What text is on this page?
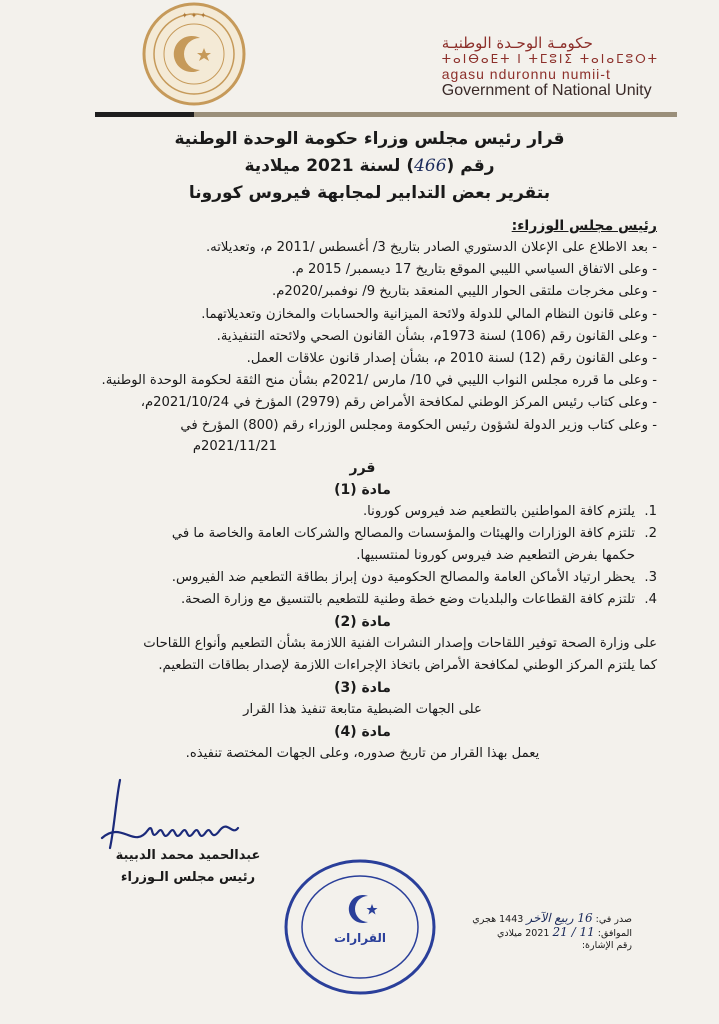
✦ ✦ ✦
حكومـة الوحـدة الوطنيـة
ⵜⴰⵏⴱⴰⴹⵜ ⵏ ⵜⵎⵓⵏⵉ ⵜⴰⵏⴰⵎⵓⵔⵜ
agasu nduronnu numii-t
Government of National Unity
قرار رئيس مجلس وزراء حكومة الوحدة الوطنية
رقم (466) لسنة 2021 ميلادية
بتقرير بعض التدابير لمجابهة فيروس كورونا
رئيس مجلس الوزراء:
- بعد الاطلاع على الإعلان الدستوري الصادر بتاريخ 3/ أغسطس /2011 م، وتعديلاته.
- وعلى الاتفاق السياسي الليبي الموقع بتاريخ 17 ديسمبر/ 2015 م.
- وعلى مخرجات ملتقى الحوار الليبي المنعقد بتاريخ 9/ نوفمبر/2020م.
- وعلى قانون النظام المالي للدولة ولائحة الميزانية والحسابات والمخازن وتعديلاتهما.
- وعلى القانون رقم (106) لسنة 1973م، بشأن القانون الصحي ولائحته التنفيذية.
- وعلى القانون رقم (12) لسنة 2010 م، بشأن إصدار قانون علاقات العمل.
- وعلى ما قرره مجلس النواب الليبي في 10/ مارس /2021م بشأن منح الثقة لحكومة الوحدة الوطنية.
- وعلى كتاب رئيس المركز الوطني لمكافحة الأمراض رقم (2979) المؤرخ في 2021/10/24م،
- وعلى كتاب وزير الدولة لشؤون رئيس الحكومة ومجلس الوزراء رقم (800) المؤرخ في
2021/11/21م
قرر
مادة (1)
1.يلتزم كافة المواطنين بالتطعيم ضد فيروس كورونا.
2.تلتزم كافة الوزارات والهيئات والمؤسسات والمصالح والشركات العامة والخاصة ما في
حكمها بفرض التطعيم ضد فيروس كورونا لمنتسبيها.
3.يحظر ارتياد الأماكن العامة والمصالح الحكومية دون إبراز بطاقة التطعيم ضد الفيروس.
4.تلتزم كافة القطاعات والبلديات وضع خطة وطنية للتطعيم بالتنسيق مع وزارة الصحة.
مادة (2)
على وزارة الصحة توفير اللقاحات وإصدار النشرات الفنية اللازمة بشأن التطعيم وأنواع اللقاحات
كما يلتزم المركز الوطني لمكافحة الأمراض باتخاذ الإجراءات اللازمة لإصدار بطاقات التطعيم.
مادة (3)
على الجهات الضبطية متابعة تنفيذ هذا القرار
مادة (4)
يعمل بهذا القرار من تاريخ صدوره، وعلى الجهات المختصة تنفيذه.
عبدالحميد محمد الدبيبة
رئيس مجلس الـوزراء
القرارات
صدر في: 16 ربيع الآخر 1443 هجري
الموافق: 11 / 21 2021 ميلادي
رقم الإشارة:
